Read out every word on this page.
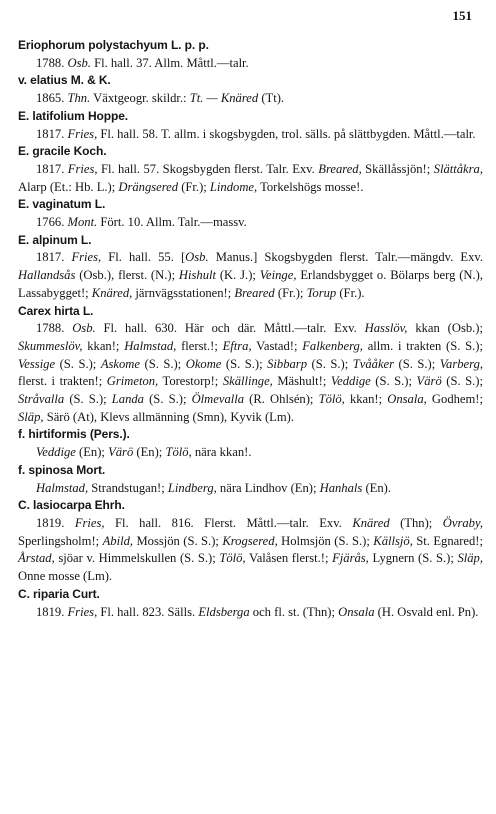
151
Eriophorum polystachyum L. p. p.
1788. Osb. Fl. hall. 37. Allm. Måttl.—talr.
v. elatius M. & K.
1865. Thn. Växtgeogr. skildr.: Tt. — Knäred (Tt).
E. latifolium Hoppe.
1817. Fries, Fl. hall. 58. T. allm. i skogsbygden, trol. sälls. på slättbygden. Måttl.—talr.
E. gracile Koch.
1817. Fries, Fl. hall. 57. Skogsbygden flerst. Talr. Exv. Breared, Skällåssjön!; Slättåkra, Alarp (Et.: Hb. L.); Drängsered (Fr.); Lindome, Torkelshögs mosse!.
E. vaginatum L.
1766. Mont. Fört. 10. Allm. Talr.—massv.
E. alpinum L.
1817. Fries, Fl. hall. 55. [Osb. Manus.] Skogsbygden flerst. Talr.—mängdv. Exv. Hallandsås (Osb.), flerst. (N.); Hishult (K. J.); Veinge, Erlandsbygget o. Bölarps berg (N.), Lassabygget!; Knäred, järnvägsstationen!; Breared (Fr.); Torup (Fr.).
Carex hirta L.
1788. Osb. Fl. hall. 630. Här och där. Måttl.—talr. Exv. Hasslöv, kkan (Osb.); Skummeslöv, kkan!; Halmstad, flerst.!; Eftra, Vastad!; Falkenberg, allm. i trakten (S. S.); Vessige (S. S.); Askome (S. S.); Okome (S. S.); Sibbarp (S. S.); Tvååker (S. S.); Varberg, flerst. i trakten!; Grimeton, Torestorp!; Skällinge, Mäshult!; Veddige (S. S.); Värö (S. S.); Stråvalla (S. S.); Landa (S. S.); Ölmevalla (R. Ohlsén); Tölö, kkan!; Onsala, Godhem!; Släp, Särö (At), Klevs allmänning (Smn), Kyvik (Lm).
f. hirtiformis (Pers.).
Veddige (En); Värö (En); Tölö, nära kkan!.
f. spinosa Mort.
Halmstad, Strandstugan!; Lindberg, nära Lindhov (En); Hanhals (En).
C. lasiocarpa Ehrh.
1819. Fries, Fl. hall. 816. Flerst. Måttl.—talr. Exv. Knäred (Thn); Övraby, Sperlingsholm!; Abild, Mossjön (S. S.); Krogsered, Holmsjön (S. S.); Källsjö, St. Egnared!; Årstad, sjöar v. Himmelskullen (S. S.); Tölö, Valåsen flerst.!; Fjärås, Lygnern (S. S.); Släp, Onne mosse (Lm).
C. riparia Curt.
1819. Fries, Fl. hall. 823. Sälls. Eldsberga och fl. st. (Thn); Onsala (H. Osvald enl. Pn).
